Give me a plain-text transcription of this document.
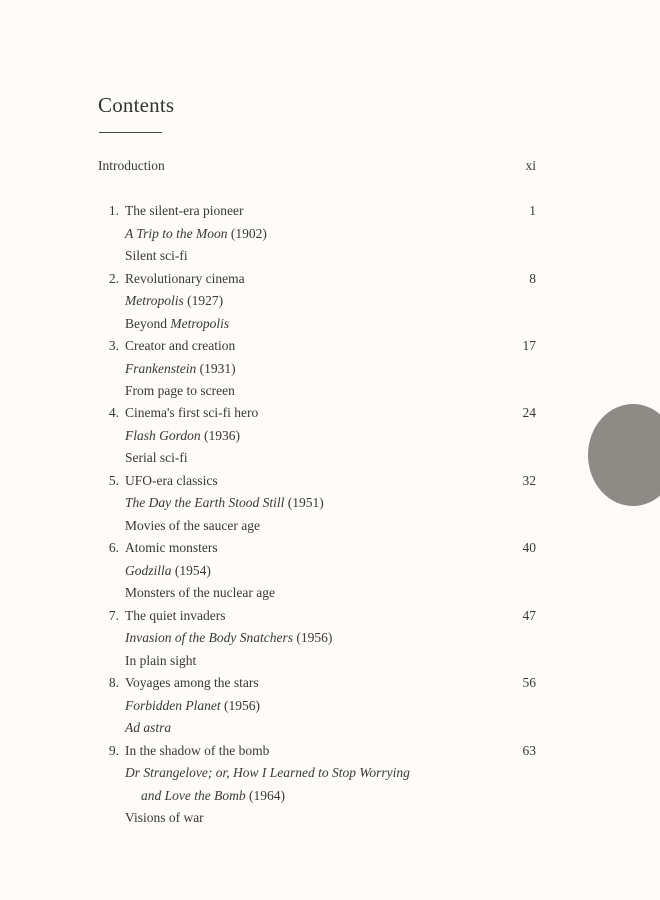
Contents
Introduction	xi
1. The silent-era pioneer	1
A Trip to the Moon (1902)
Silent sci-fi
2. Revolutionary cinema	8
Metropolis (1927)
Beyond Metropolis
3. Creator and creation	17
Frankenstein (1931)
From page to screen
4. Cinema's first sci-fi hero	24
Flash Gordon (1936)
Serial sci-fi
5. UFO-era classics	32
The Day the Earth Stood Still (1951)
Movies of the saucer age
6. Atomic monsters	40
Godzilla (1954)
Monsters of the nuclear age
7. The quiet invaders	47
Invasion of the Body Snatchers (1956)
In plain sight
8. Voyages among the stars	56
Forbidden Planet (1956)
Ad astra
9. In the shadow of the bomb	63
Dr Strangelove; or, How I Learned to Stop Worrying
and Love the Bomb (1964)
Visions of war
